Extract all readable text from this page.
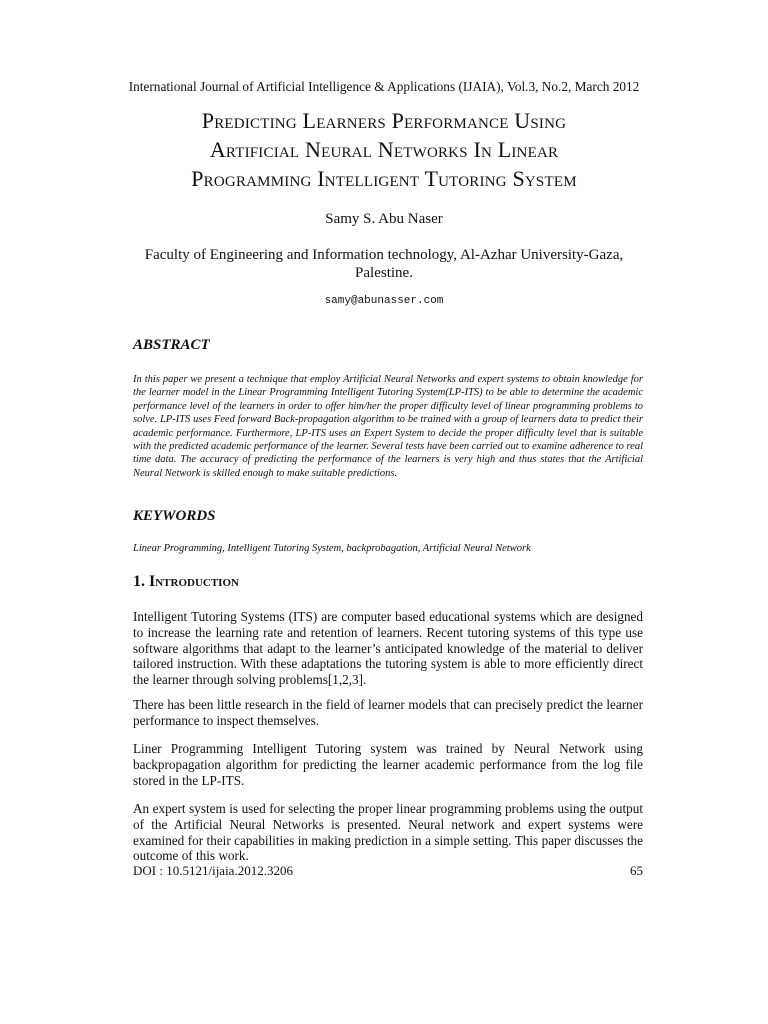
International Journal of Artificial Intelligence & Applications (IJAIA), Vol.3, No.2, March 2012
Predicting Learners Performance Using
Artificial Neural Networks In Linear
Programming Intelligent Tutoring System
Samy S. Abu Naser
Faculty of Engineering and Information technology, Al-Azhar University-Gaza, Palestine.
samy@abunasser.com
ABSTRACT
In this paper we present a technique that employ Artificial Neural Networks and expert systems to obtain knowledge for the learner model in the Linear Programming Intelligent Tutoring System(LP-ITS) to be able to determine the academic performance level of the learners in order to offer him/her the proper difficulty level of linear programming problems to solve. LP-ITS uses Feed forward Back-propagation algorithm to be trained with a group of learners data to predict their academic performance. Furthermore, LP-ITS uses an Expert System to decide the proper difficulty level that is suitable with the predicted academic performance of the learner. Several tests have been carried out to examine adherence to real time data. The accuracy of predicting the performance of the learners is very high and thus states that the Artificial Neural Network is skilled enough to make suitable predictions.
KEYWORDS
Linear Programming, Intelligent Tutoring System, backprobagation, Artificial Neural Network
1. Introduction
Intelligent Tutoring Systems (ITS) are computer based educational systems which are designed to increase the learning rate and retention of learners. Recent tutoring systems of this type use software algorithms that adapt to the learner’s anticipated knowledge of the material to deliver tailored instruction. With these adaptations the tutoring system is able to more efficiently direct the learner through solving problems[1,2,3].
There has been little research in the field of learner models that can precisely predict the learner performance to inspect themselves.
Liner Programming Intelligent Tutoring system was trained by Neural Network using backpropagation algorithm for predicting the learner academic performance from the log file stored in the LP-ITS.
An expert system is used for selecting the proper linear programming problems using the output of the Artificial Neural Networks is presented. Neural network and expert systems were examined for their capabilities in making prediction in a simple setting. This paper discusses the outcome of this work.
DOI : 10.5121/ijaia.2012.3206	65
